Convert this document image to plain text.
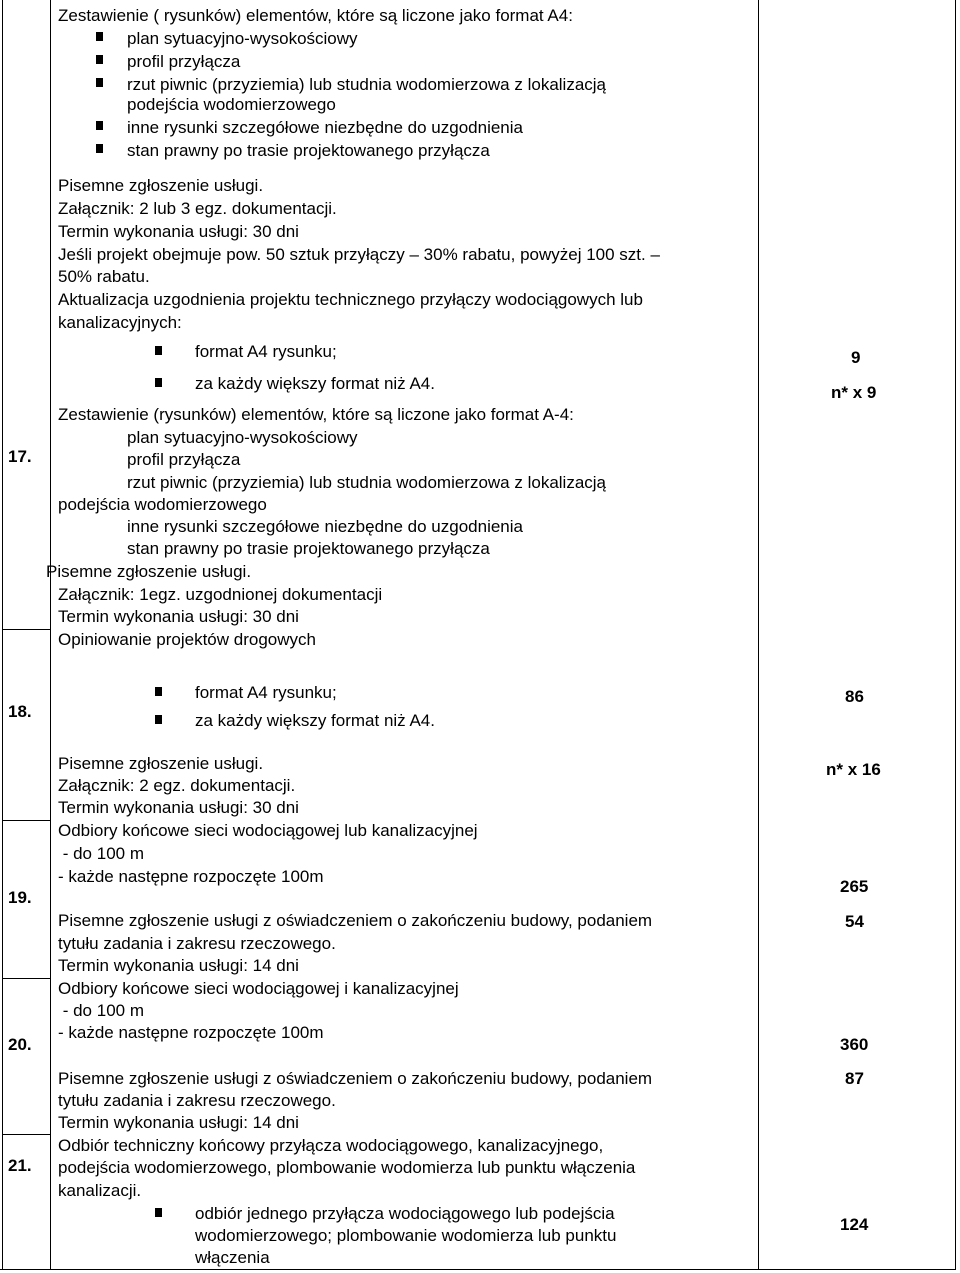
17.
Zestawienie ( rysunków) elementów, które są liczone jako format A4:
plan sytuacyjno-wysokościowy
profil przyłącza
rzut piwnic (przyziemia) lub studnia wodomierzowa z lokalizacją
podejścia wodomierzowego
inne rysunki szczegółowe niezbędne do uzgodnienia
stan prawny po trasie projektowanego przyłącza
Pisemne zgłoszenie usługi.
Załącznik: 2 lub 3 egz. dokumentacji.
Termin wykonania usługi: 30 dni
Jeśli projekt obejmuje pow. 50 sztuk przyłączy – 30% rabatu, powyżej 100 szt. –
50% rabatu.
Aktualizacja uzgodnienia projektu technicznego przyłączy wodociągowych lub
kanalizacyjnych:
format A4 rysunku;
za każdy większy format niż A4.
Zestawienie (rysunków) elementów, które są liczone jako format A-4:
plan sytuacyjno-wysokościowy
profil przyłącza
rzut piwnic (przyziemia) lub studnia wodomierzowa z lokalizacją
podejścia wodomierzowego
inne rysunki szczegółowe niezbędne do uzgodnienia
stan prawny po trasie projektowanego przyłącza
Pisemne zgłoszenie usługi.
Załącznik: 1egz. uzgodnionej dokumentacji
Termin wykonania usługi: 30 dni
Opiniowanie projektów drogowych
9
n* x 9
18.
format A4 rysunku;
za każdy większy format niż A4.
Pisemne zgłoszenie usługi.
Załącznik: 2 egz. dokumentacji.
Termin wykonania usługi: 30 dni
86
n* x 16
19.
Odbiory końcowe sieci wodociągowej lub kanalizacyjnej
- do 100 m
- każde następne rozpoczęte 100m
Pisemne zgłoszenie usługi z oświadczeniem o zakończeniu budowy, podaniem
tytułu zadania i zakresu rzeczowego.
Termin wykonania usługi: 14 dni
265
54
20.
Odbiory końcowe sieci wodociągowej i kanalizacyjnej
- do 100 m
- każde następne rozpoczęte 100m
Pisemne zgłoszenie usługi z oświadczeniem o zakończeniu budowy, podaniem
tytułu zadania i zakresu rzeczowego.
Termin wykonania usługi: 14 dni
360
87
21.
Odbiór techniczny końcowy przyłącza wodociągowego, kanalizacyjnego,
podejścia wodomierzowego, plombowanie wodomierza lub punktu włączenia
kanalizacji.
odbiór jednego przyłącza wodociągowego lub podejścia
wodomierzowego; plombowanie wodomierza lub punktu
włączenia
124
